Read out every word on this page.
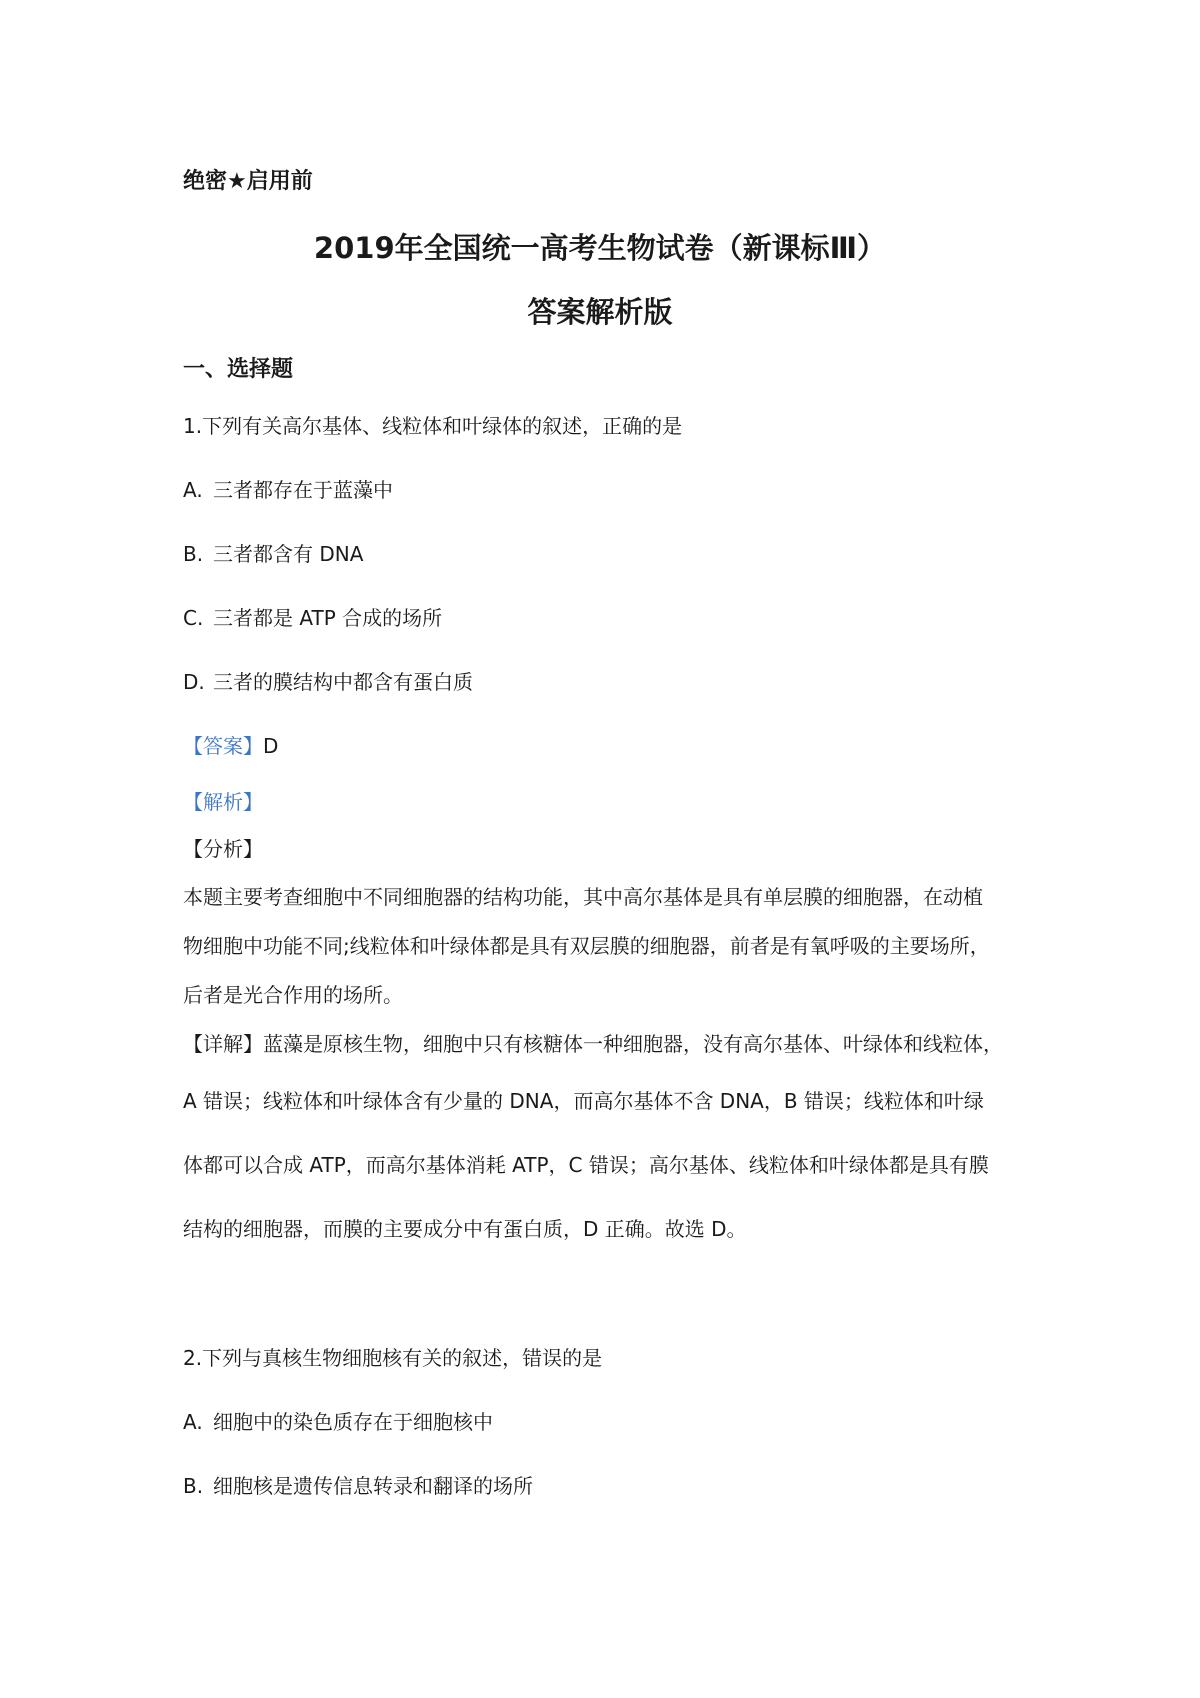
绝密★启用前
2019年全国统一高考生物试卷（新课标Ⅲ）
答案解析版
一、选择题
1.下列有关高尔基体、线粒体和叶绿体的叙述，正确的是
A. 三者都存在于蓝藻中
B. 三者都含有 DNA
C. 三者都是 ATP 合成的场所
D. 三者的膜结构中都含有蛋白质
【答案】D
【解析】
【分析】
本题主要考查细胞中不同细胞器的结构功能，其中高尔基体是具有单层膜的细胞器，在动植
物细胞中功能不同;线粒体和叶绿体都是具有双层膜的细胞器，前者是有氧呼吸的主要场所，
后者是光合作用的场所。
【详解】蓝藻是原核生物，细胞中只有核糖体一种细胞器，没有高尔基体、叶绿体和线粒体，
A 错误；线粒体和叶绿体含有少量的 DNA，而高尔基体不含 DNA，B 错误；线粒体和叶绿
体都可以合成 ATP，而高尔基体消耗 ATP，C 错误；高尔基体、线粒体和叶绿体都是具有膜
结构的细胞器，而膜的主要成分中有蛋白质，D 正确。故选 D。
2.下列与真核生物细胞核有关的叙述，错误的是
A. 细胞中的染色质存在于细胞核中
B. 细胞核是遗传信息转录和翻译的场所
